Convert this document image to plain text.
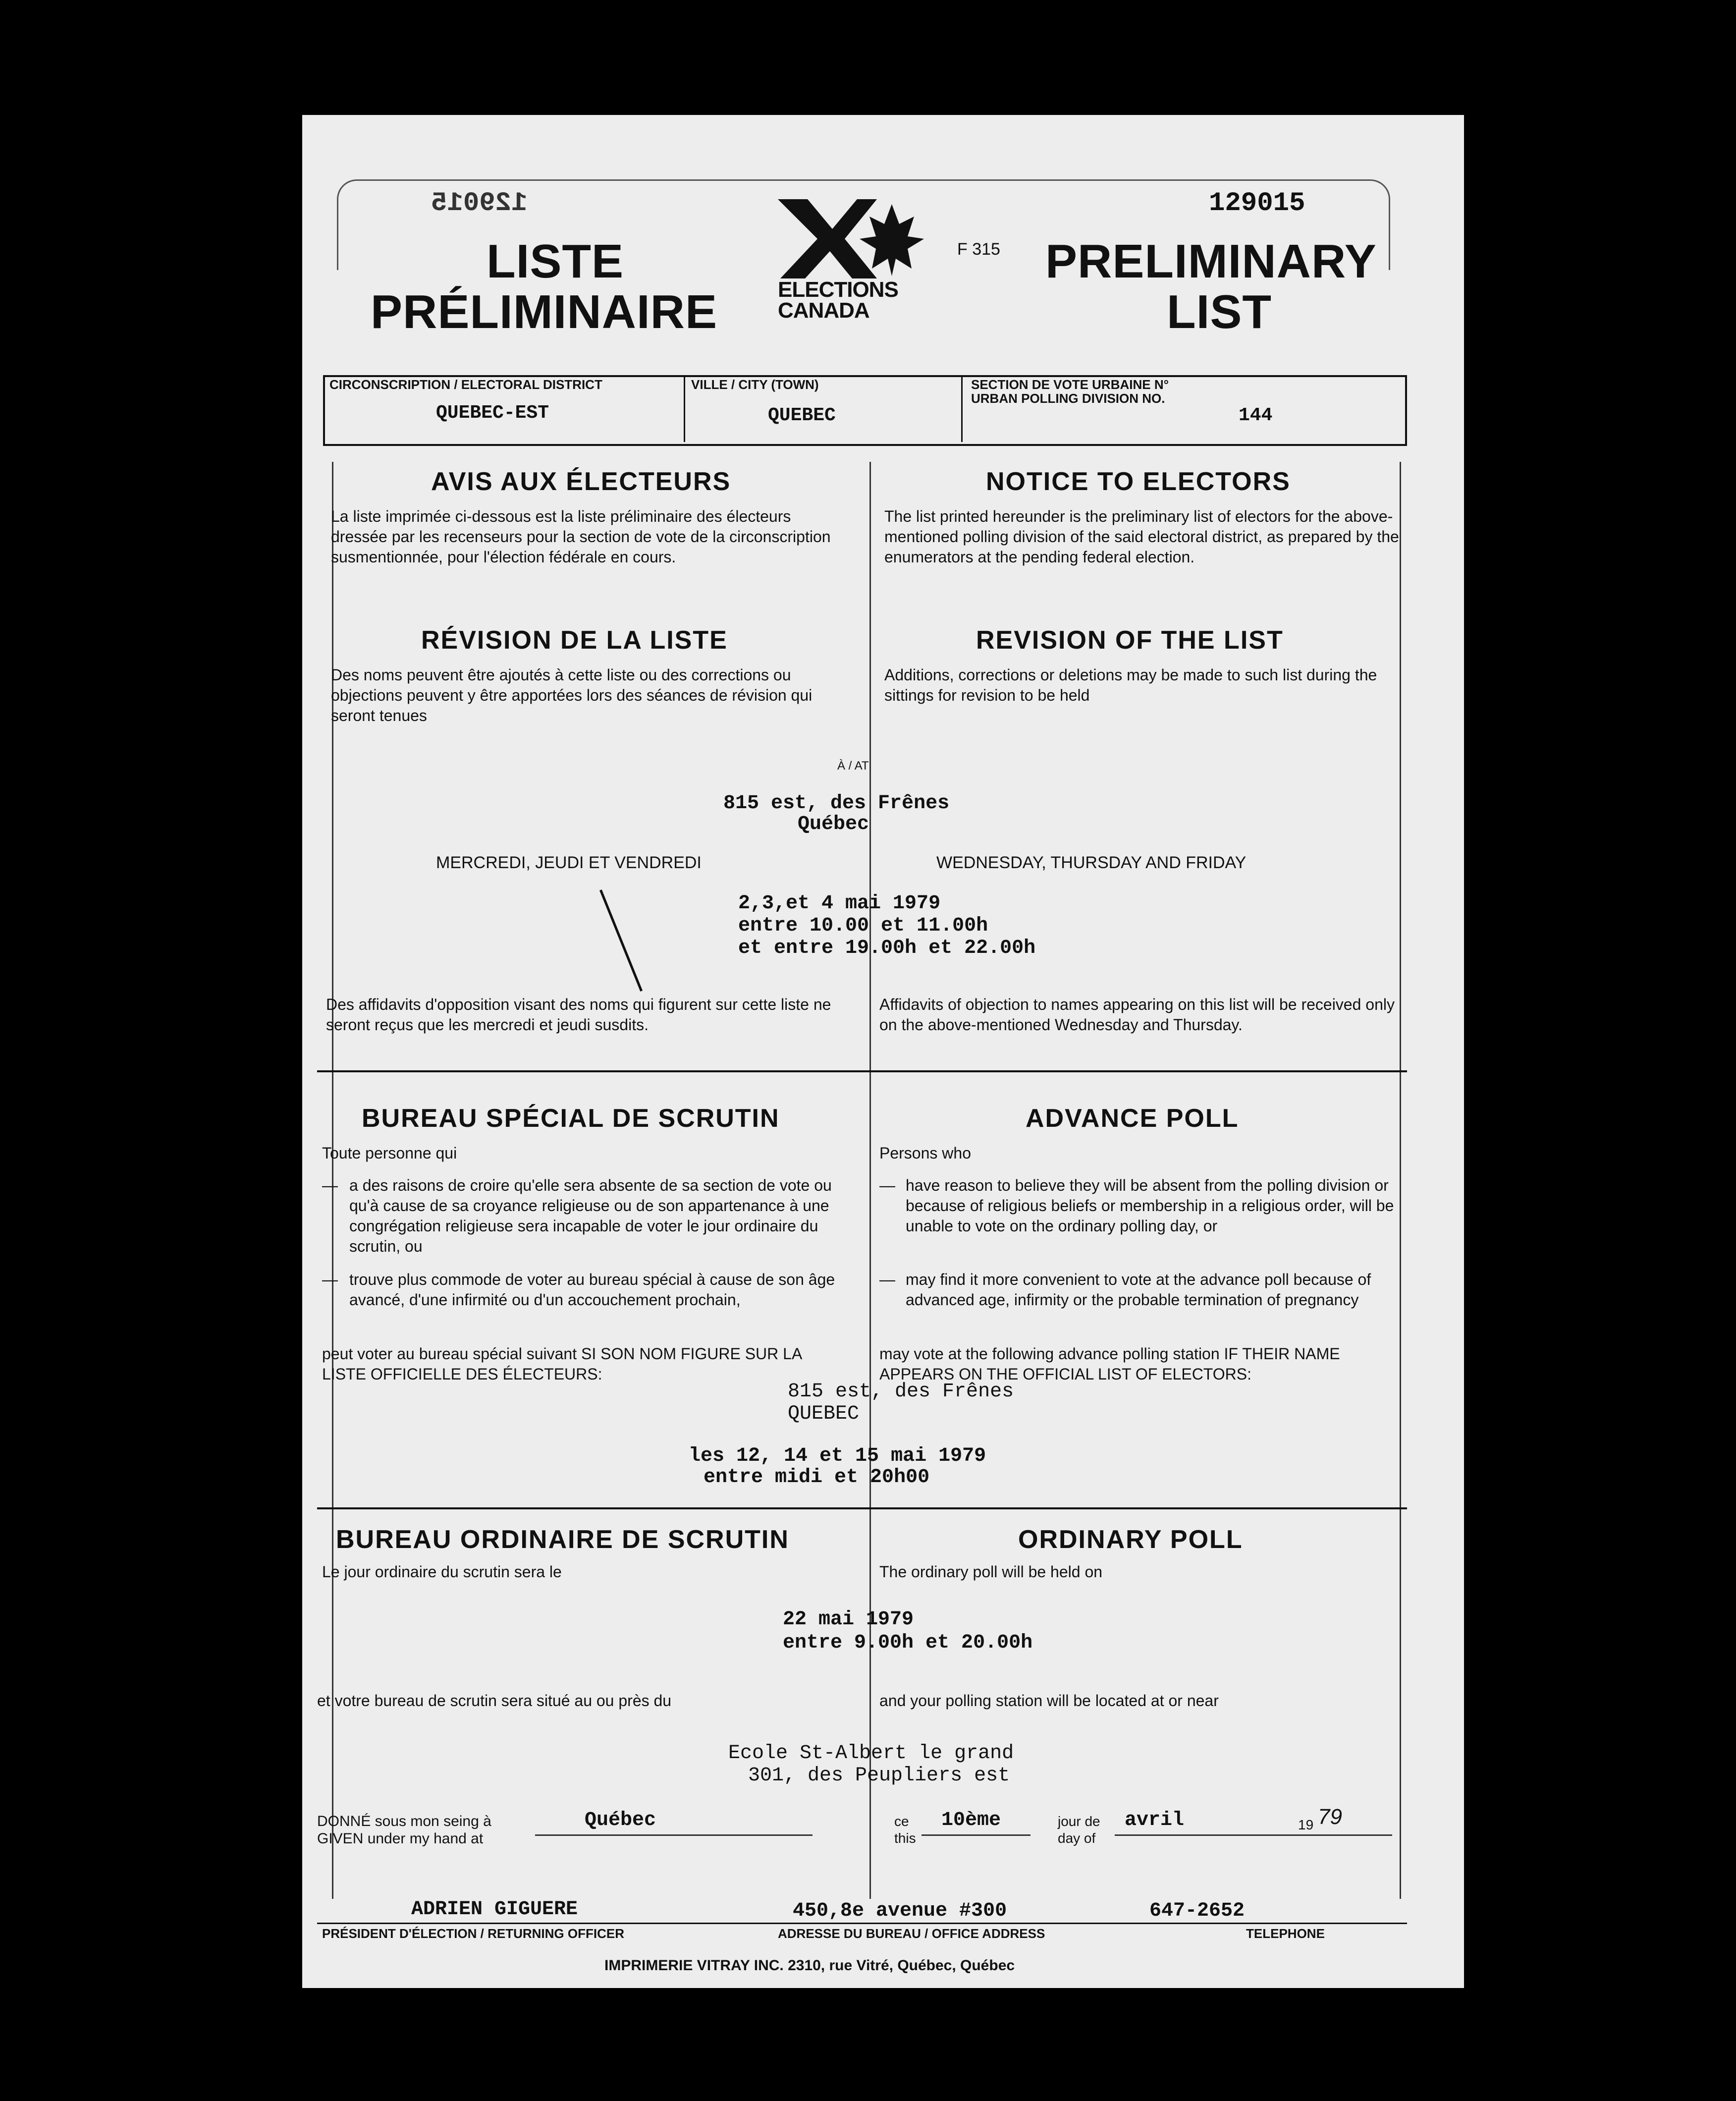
129015	129015
LISTE
PRÉLIMINAIRE
PRELIMINARY
LIST
ELECTIONS
CANADA
F 315
CIRCONSCRIPTION / ELECTORAL DISTRICT
QUEBEC-EST
VILLE / CITY (TOWN)
QUEBEC
SECTION DE VOTE URBAINE N°
URBAN POLLING DIVISION NO.
144
AVIS AUX ÉLECTEURS
La liste imprimée ci-dessous est la liste préliminaire des électeurs dressée par les recenseurs pour la section de vote de la circonscription susmentionnée, pour l'élection fédérale en cours.
NOTICE TO ELECTORS
The list printed hereunder is the preliminary list of electors for the above-mentioned polling division of the said electoral district, as prepared by the enumerators at the pending federal election.
RÉVISION DE LA LISTE
Des noms peuvent être ajoutés à cette liste ou des corrections ou objections peuvent y être apportées lors des séances de révision qui seront tenues
REVISION OF THE LIST
Additions, corrections or deletions may be made to such list during the sittings for revision to be held
À / AT
815 est, des Frênes
Québec
MERCREDI, JEUDI ET VENDREDI	WEDNESDAY, THURSDAY AND FRIDAY
2,3,et 4 mai 1979
entre 10.00 et 11.00h
et entre 19.00h et 22.00h
Des affidavits d'opposition visant des noms qui figurent sur cette liste ne seront reçus que les mercredi et jeudi susdits.
Affidavits of objection to names appearing on this list will be received only on the above-mentioned Wednesday and Thursday.
BUREAU SPÉCIAL DE SCRUTIN	ADVANCE POLL
Toute personne qui
— a des raisons de croire qu'elle sera absente de sa section de vote ou qu'à cause de sa croyance religieuse ou de son appartenance à une congrégation religieuse sera incapable de voter le jour ordinaire du scrutin, ou
— trouve plus commode de voter au bureau spécial à cause de son âge avancé, d'une infirmité ou d'un accouchement prochain,
peut voter au bureau spécial suivant SI SON NOM FIGURE SUR LA LISTE OFFICIELLE DES ÉLECTEURS:
Persons who
— have reason to believe they will be absent from the polling division or because of religious beliefs or membership in a religious order, will be unable to vote on the ordinary polling day, or
— may find it more convenient to vote at the advance poll because of advanced age, infirmity or the probable termination of pregnancy
may vote at the following advance polling station IF THEIR NAME APPEARS ON THE OFFICIAL LIST OF ELECTORS:
815 est, des Frênes
QUEBEC
les 12, 14 et 15 mai 1979
entre midi et 20h00
BUREAU ORDINAIRE DE SCRUTIN	ORDINARY POLL
Le jour ordinaire du scrutin sera le	The ordinary poll will be held on
22 mai 1979
entre 9.00h et 20.00h
et votre bureau de scrutin sera situé au ou près du	and your polling station will be located at or near
Ecole St-Albert le grand
301, des Peupliers est
DONNÉ sous mon seing à
GIVEN under my hand at
Québec	ce
this
10ème	jour de
day of
avril	19 79
ADRIEN GIGUERE	450,8e avenue #300	647-2652
PRÉSIDENT D'ÉLECTION / RETURNING OFFICER	ADRESSE DU BUREAU / OFFICE ADDRESS	TELEPHONE
IMPRIMERIE VITRAY INC. 2310, rue Vitré, Québec, Québec
